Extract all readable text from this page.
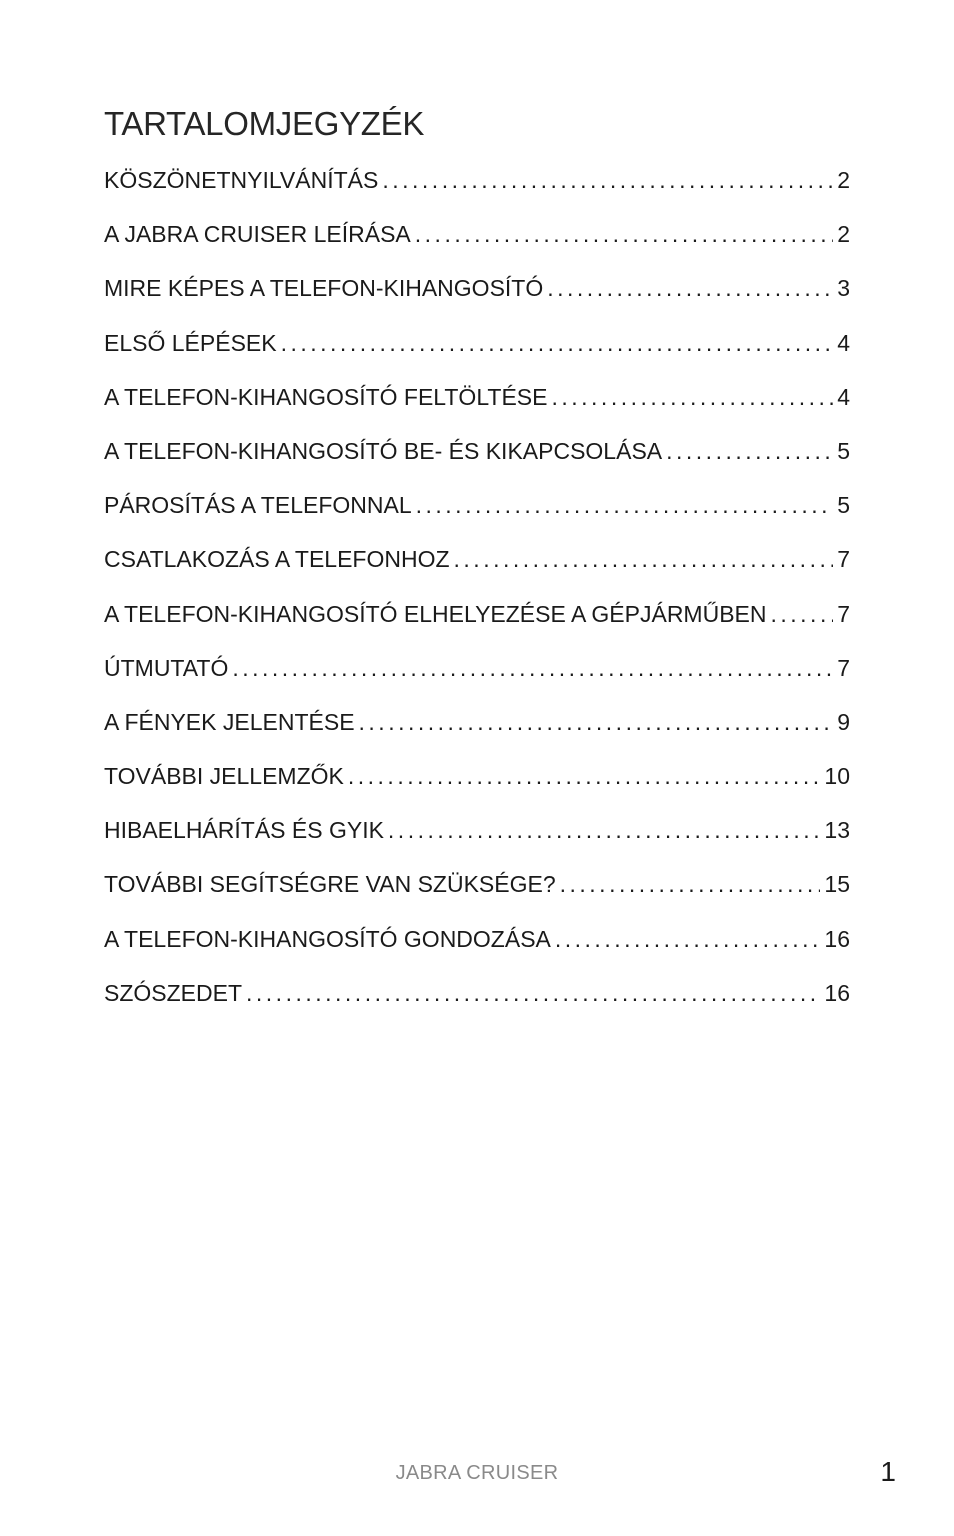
TARTALOMJEGYZÉK
KÖSZÖNETNYILVÁNÍTÁS .....	2
A JABRA CRUISER LEÍRÁSA .....	2
MIRE KÉPES A TELEFON-KIHANGOSÍTÓ .....	3
ELSŐ LÉPÉSEK .....	4
A TELEFON-KIHANGOSÍTÓ FELTÖLTÉSE .....	4
A TELEFON-KIHANGOSÍTÓ BE- ÉS KIKAPCSOLÁSA .....	5
PÁROSÍTÁS A TELEFONNAL .....	5
CSATLAKOZÁS A TELEFONHOZ .....	7
A TELEFON-KIHANGOSÍTÓ ELHELYEZÉSE A GÉPJÁRMŰBEN .....	7
ÚTMUTATÓ .....	7
A FÉNYEK JELENTÉSE .....	9
TOVÁBBI JELLEMZŐK .....	10
HIBAELHÁRÍTÁS ÉS GYIK .....	13
TOVÁBBI SEGÍTSÉGRE VAN SZÜKSÉGE? .....	15
A TELEFON-KIHANGOSÍTÓ GONDOZÁSA .....	16
SZÓSZEDET .....	16
JABRA CRUISER	1
